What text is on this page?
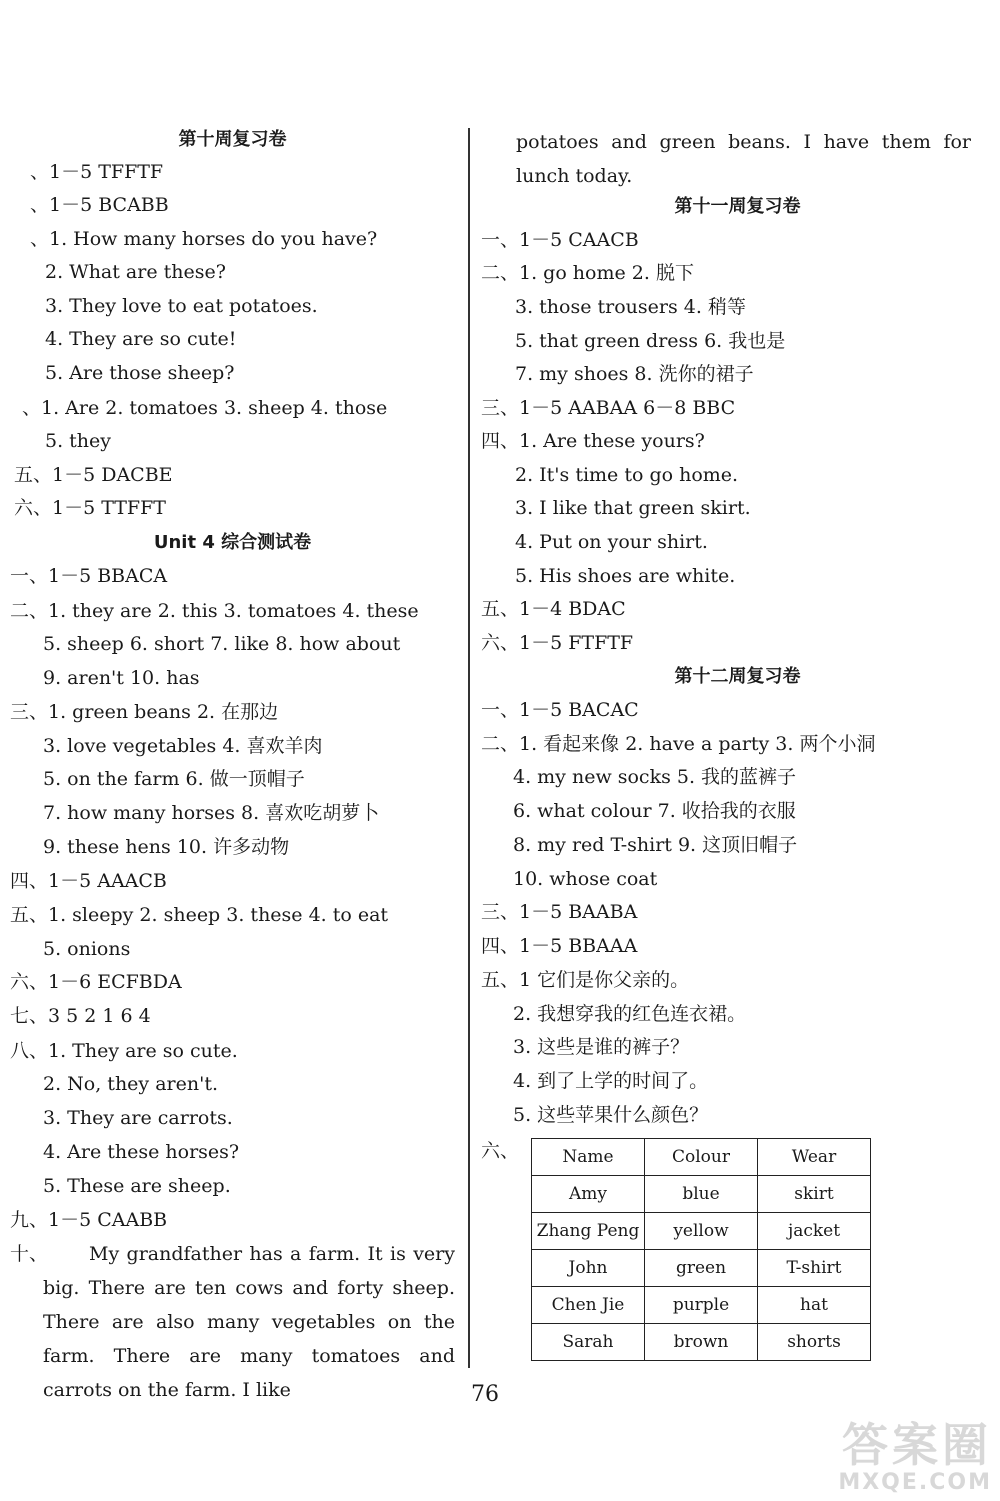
第十周复习卷
、1－5 TFFTF
、1－5 BCABB
、1. How many horses do you have?
2. What are these?
3. They love to eat potatoes.
4. They are so cute!
5. Are those sheep?
、1. Are 2. tomatoes 3. sheep 4. those
5. they
五、1－5 DACBE
六、1－5 TTFFT
Unit 4 综合测试卷
一、1－5 BBACA
二、1. they are 2. this 3. tomatoes 4. these
5. sheep 6. short 7. like 8. how about
9. aren't 10. has
三、1. green beans 2. 在那边
3. love vegetables 4. 喜欢羊肉
5. on the farm 6. 做一顶帽子
7. how many horses 8. 喜欢吃胡萝卜
9. these hens 10. 许多动物
四、1－5 AAACB
五、1. sleepy 2. sheep 3. these 4. to eat
5. onions
六、1－6 ECFBDA
七、3 5 2 1 6 4
八、1. They are so cute.
2. No, they aren't.
3. They are carrots.
4. Are these horses?
5. These are sheep.
九、1－5 CAABB
十、	My grandfather has a farm. It is very big. There are ten cows and forty sheep. There are also many vegetables on the farm. There are many tomatoes and carrots on the farm. I like
potatoes and green beans. I have them for lunch today.
第十一周复习卷
一、1－5 CAACB
二、1. go home 2. 脱下
3. those trousers 4. 稍等
5. that green dress 6. 我也是
7. my shoes 8. 洗你的裙子
三、1－5 AABAA 6－8 BBC
四、1. Are these yours?
2. It's time to go home.
3. I like that green skirt.
4. Put on your shirt.
5. His shoes are white.
五、1－4 BDAC
六、1－5 FTFTF
第十二周复习卷
一、1－5 BACAC
二、1. 看起来像 2. have a party 3. 两个小洞
4. my new socks 5. 我的蓝裤子
6. what colour 7. 收拾我的衣服
8. my red T-shirt 9. 这顶旧帽子
10. whose coat
三、1－5 BAABA
四、1－5 BBAAA
五、1 它们是你父亲的。
2. 我想穿我的红色连衣裙。
3. 这些是谁的裤子？
4. 到了上学的时间了。
5. 这些苹果什么颜色？
六、	Name	Colour	Wear
Amy	blue	skirt
Zhang Peng	yellow	jacket
John	green	T-shirt
Chen Jie	purple	hat
Sarah	brown	shorts
76
答案圈
MXQE.COM
